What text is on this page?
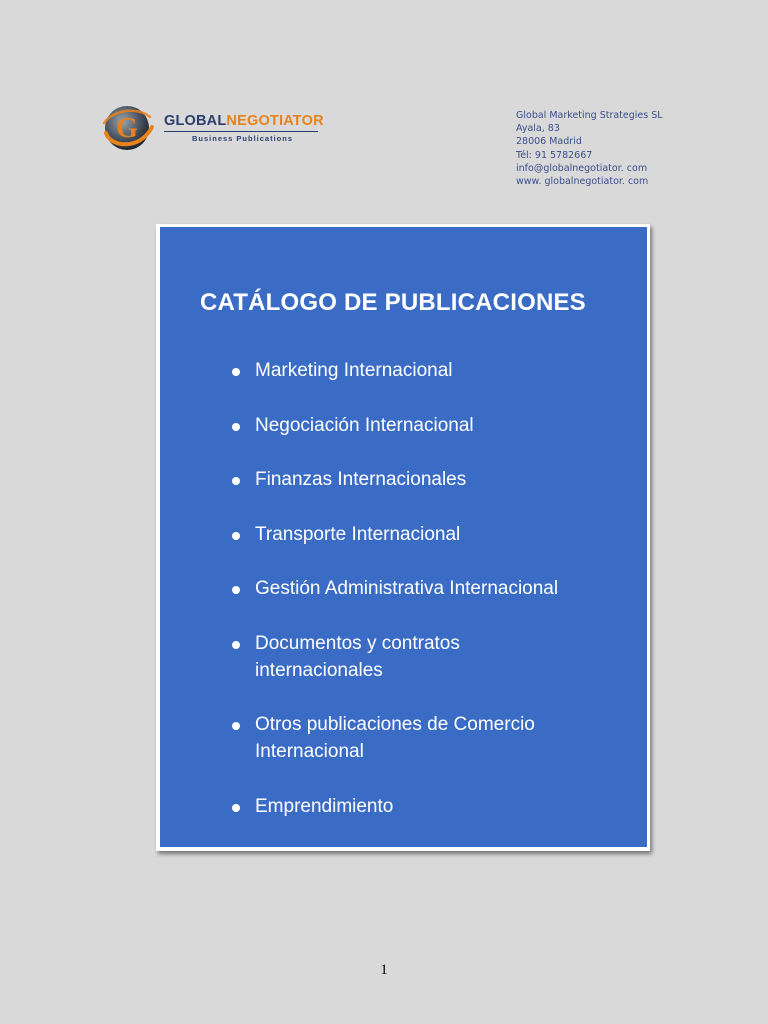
G GLOBALNEGOTIATOR
Business Publications
Global Marketing Strategies SL
Ayala, 83
28006 Madrid
Tél: 91 5782667
info@globalnegotiator. com
www. globalnegotiator. com
CATÁLOGO DE PUBLICACIONES
Marketing Internacional
Negociación Internacional
Finanzas Internacionales
Transporte Internacional
Gestión Administrativa Internacional
Documentos y contratos internacionales
Otros publicaciones de Comercio Internacional
Emprendimiento
1
